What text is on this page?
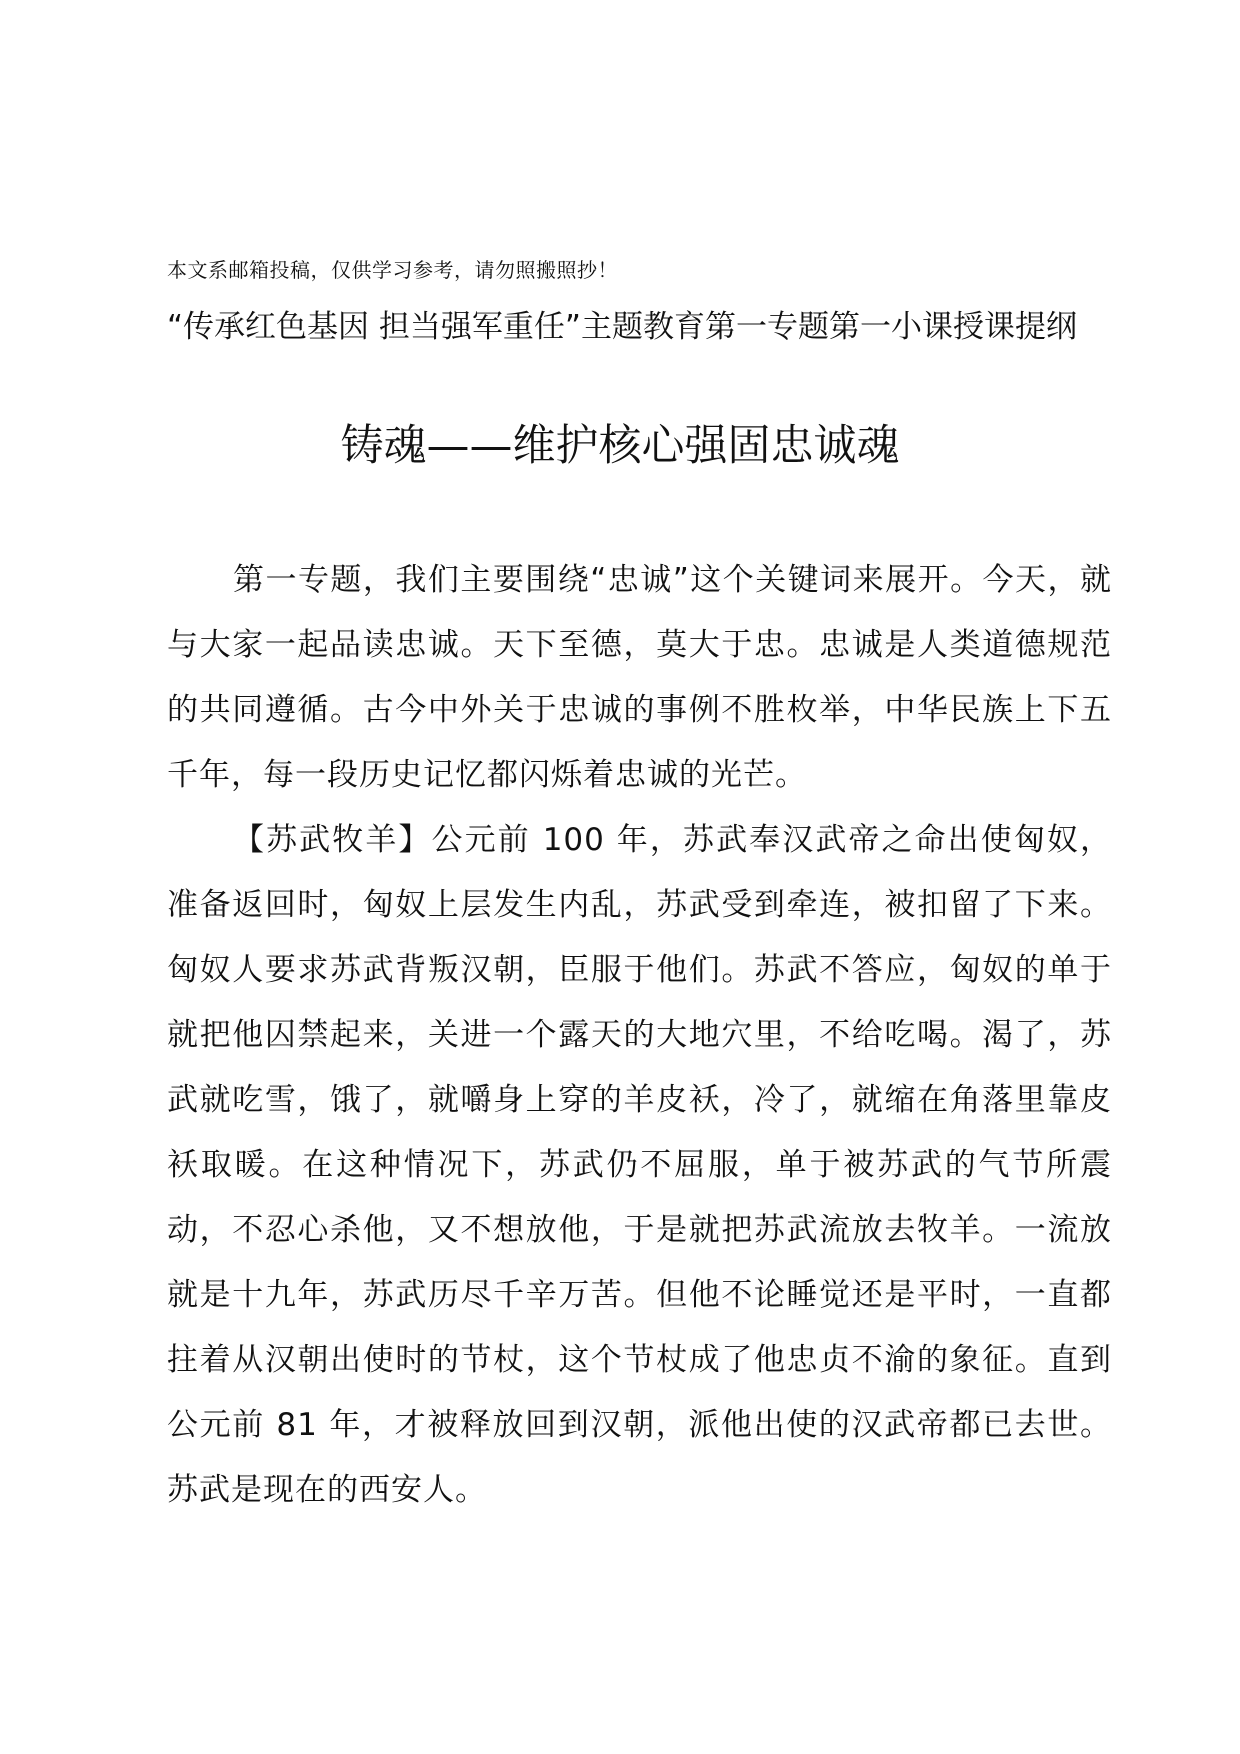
本文系邮箱投稿，仅供学习参考，请勿照搬照抄！
“传承红色基因 担当强军重任”主题教育第一专题第一小课授课提纲
铸魂——维护核心强固忠诚魂

第一专题，我们主要围绕“忠诚”这个关键词来展开。今天，就与大家一起品读忠诚。天下至德，莫大于忠。忠诚是人类道德规范的共同遵循。古今中外关于忠诚的事例不胜枚举，中华民族上下五千年，每一段历史记忆都闪烁着忠诚的光芒。

【苏武牧羊】公元前 100 年，苏武奉汉武帝之命出使匈奴，准备返回时，匈奴上层发生内乱，苏武受到牵连，被扣留了下来。匈奴人要求苏武背叛汉朝，臣服于他们。苏武不答应，匈奴的单于就把他囚禁起来，关进一个露天的大地穴里，不给吃喝。渴了，苏武就吃雪，饿了，就嚼身上穿的羊皮袄，冷了，就缩在角落里靠皮袄取暖。在这种情况下，苏武仍不屈服，单于被苏武的气节所震动，不忍心杀他，又不想放他，于是就把苏武流放去牧羊。一流放就是十九年，苏武历尽千辛万苦。但他不论睡觉还是平时，一直都拄着从汉朝出使时的节杖，这个节杖成了他忠贞不渝的象征。直到公元前 81 年，才被释放回到汉朝，派他出使的汉武帝都已去世。苏武是现在的西安人。
